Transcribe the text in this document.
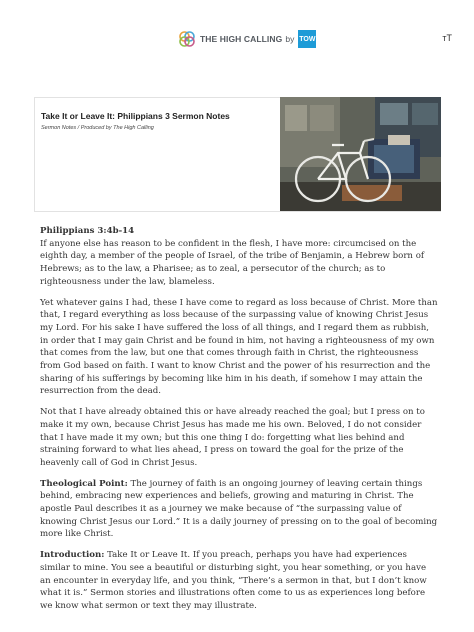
THE HIGH CALLING by TOW	ᴛT
Take It or Leave It: Philippians 3 Sermon Notes
Sermon Notes / Produced by The High Calling

Philippians 3:4b-14
If anyone else has reason to be confident in the flesh, I have more: circumcised on the eighth day, a member of the people of Israel, of the tribe of Benjamin, a Hebrew born of Hebrews; as to the law, a Pharisee; as to zeal, a persecutor of the church; as to righteousness under the law, blameless.

Yet whatever gains I had, these I have come to regard as loss because of Christ. More than that, I regard everything as loss because of the surpassing value of knowing Christ Jesus my Lord. For his sake I have suffered the loss of all things, and I regard them as rubbish, in order that I may gain Christ and be found in him, not having a righteousness of my own that comes from the law, but one that comes through faith in Christ, the righteousness from God based on faith. I want to know Christ and the power of his resurrection and the sharing of his sufferings by becoming like him in his death, if somehow I may attain the resurrection from the dead.

Not that I have already obtained this or have already reached the goal; but I press on to make it my own, because Christ Jesus has made me his own. Beloved, I do not consider that I have made it my own; but this one thing I do: forgetting what lies behind and straining forward to what lies ahead, I press on toward the goal for the prize of the heavenly call of God in Christ Jesus.

Theological Point: The journey of faith is an ongoing journey of leaving certain things behind, embracing new experiences and beliefs, growing and maturing in Christ. The apostle Paul describes it as a journey we make because of “the surpassing value of knowing Christ Jesus our Lord.” It is a daily journey of pressing on to the goal of becoming more like Christ.

Introduction: Take It or Leave It. If you preach, perhaps you have had experiences similar to mine. You see a beautiful or disturbing sight, you hear something, or you have an encounter in everyday life, and you think, “There’s a sermon in that, but I don’t know what it is.” Sermon stories and illustrations often come to us as experiences long before we know what sermon or text they may illustrate.
